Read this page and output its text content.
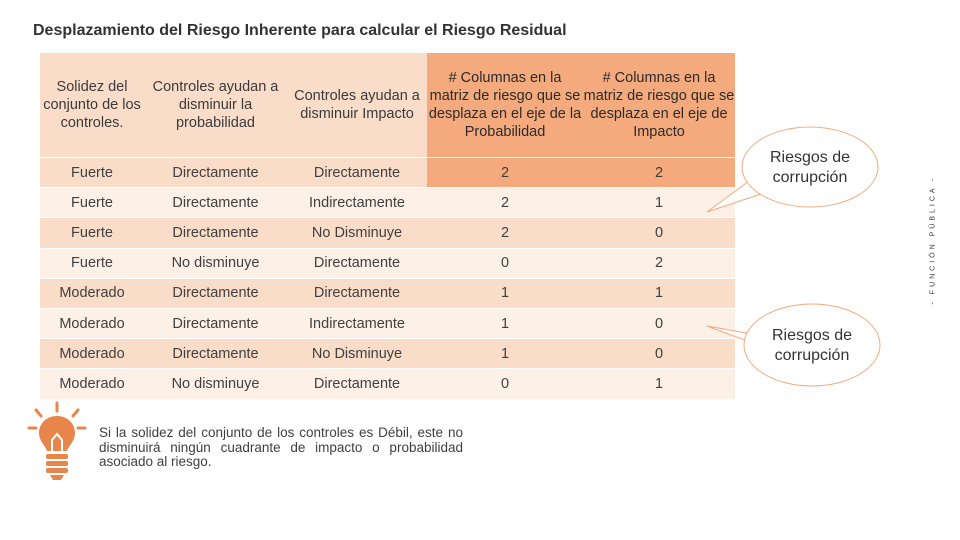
Desplazamiento del Riesgo Inherente para calcular el Riesgo Residual
Solidez del conjunto de los controles.	Controles ayudan a disminuir la probabilidad	Controles ayudan a disminuir Impacto	# Columnas en la matriz de riesgo que se desplaza en el eje de la Probabilidad	# Columnas en la matriz de riesgo que se desplaza en el eje de Impacto
Fuerte	Directamente	Directamente	2	2
Fuerte	Directamente	Indirectamente	2	1
Fuerte	Directamente	No Disminuye	2	0
Fuerte	No disminuye	Directamente	0	2
Moderado	Directamente	Directamente	1	1
Moderado	Directamente	Indirectamente	1	0
Moderado	Directamente	No Disminuye	1	0
Moderado	No disminuye	Directamente	0	1
Riesgos de corrupción
Riesgos de corrupción
- FUNCIÓN PÚBLICA -
Si la solidez del conjunto de los controles es Débil, este no disminuirá ningún cuadrante de impacto o probabilidad asociado al riesgo.
